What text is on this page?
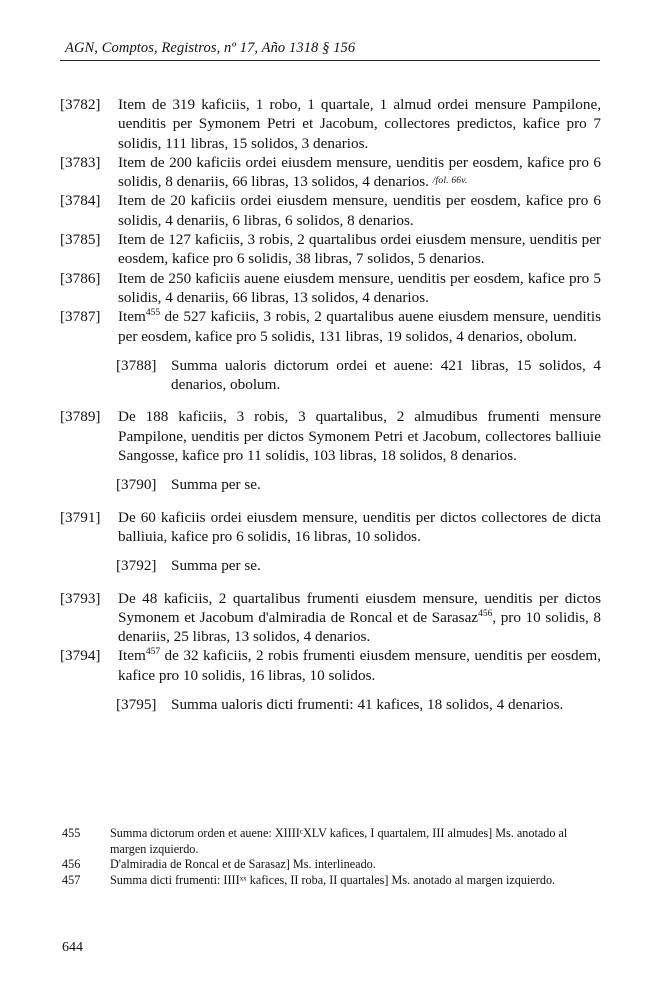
AGN, Comptos, Registros, nº 17, Año 1318 § 156
[3782]	Item de 319 kaficiis, 1 robo, 1 quartale, 1 almud ordei mensure Pampilone, uenditis per Symonem Petri et Jacobum, collectores predictos, kafice pro 7 solidis, 111 libras, 15 solidos, 3 denarios.
[3783]	Item de 200 kaficiis ordei eiusdem mensure, uenditis per eosdem, kafice pro 6 solidis, 8 denariis, 66 libras, 13 solidos, 4 denarios. /fol. 66v.
[3784]	Item de 20 kaficiis ordei eiusdem mensure, uenditis per eosdem, kafice pro 6 solidis, 4 denariis, 6 libras, 6 solidos, 8 denarios.
[3785]	Item de 127 kaficiis, 3 robis, 2 quartalibus ordei eiusdem mensure, uenditis per eosdem, kafice pro 6 solidis, 38 libras, 7 solidos, 5 denarios.
[3786]	Item de 250 kaficiis auene eiusdem mensure, uenditis per eosdem, kafice pro 5 solidis, 4 denariis, 66 libras, 13 solidos, 4 denarios.
[3787]	Item$^{455}$ de 527 kaficiis, 3 robis, 2 quartalibus auene eiusdem mensure, uenditis per eosdem, kafice pro 5 solidis, 131 libras, 19 solidos, 4 denarios, obolum.
[3788] Summa ualoris dictorum ordei et auene: 421 libras, 15 solidos, 4 denarios, obolum.
[3789]	De 188 kaficiis, 3 robis, 3 quartalibus, 2 almudibus frumenti mensure Pampilone, uenditis per dictos Symonem Petri et Jacobum, collectores balliuie Sangosse, kafice pro 11 solidis, 103 libras, 18 solidos, 8 denarios.
[3790] Summa per se.
[3791]	De 60 kaficiis ordei eiusdem mensure, uenditis per dictos collectores de dicta balliuia, kafice pro 6 solidis, 16 libras, 10 solidos.
[3792] Summa per se.
[3793]	De 48 kaficiis, 2 quartalibus frumenti eiusdem mensure, uenditis per dictos Symonem et Jacobum d'almiradia de Roncal et de Sarasaz$^{456}$, pro 10 solidis, 8 denariis, 25 libras, 13 solidos, 4 denarios.
[3794]	Item$^{457}$ de 32 kaficiis, 2 robis frumenti eiusdem mensure, uenditis per eosdem, kafice pro 10 solidis, 16 libras, 10 solidos.
[3795] Summa ualoris dicti frumenti: 41 kafices, 18 solidos, 4 denarios.
455	Summa dictorum orden et auene: XIIIIᶜXLV kafices, I quartalem, III almudes] Ms. anotado al margen izquierdo.
456	D'almiradia de Roncal et de Sarasaz] Ms. interlineado.
457	Summa dicti frumenti: IIIIˣˣ kafices, II roba, II quartales] Ms. anotado al margen izquierdo.
644
